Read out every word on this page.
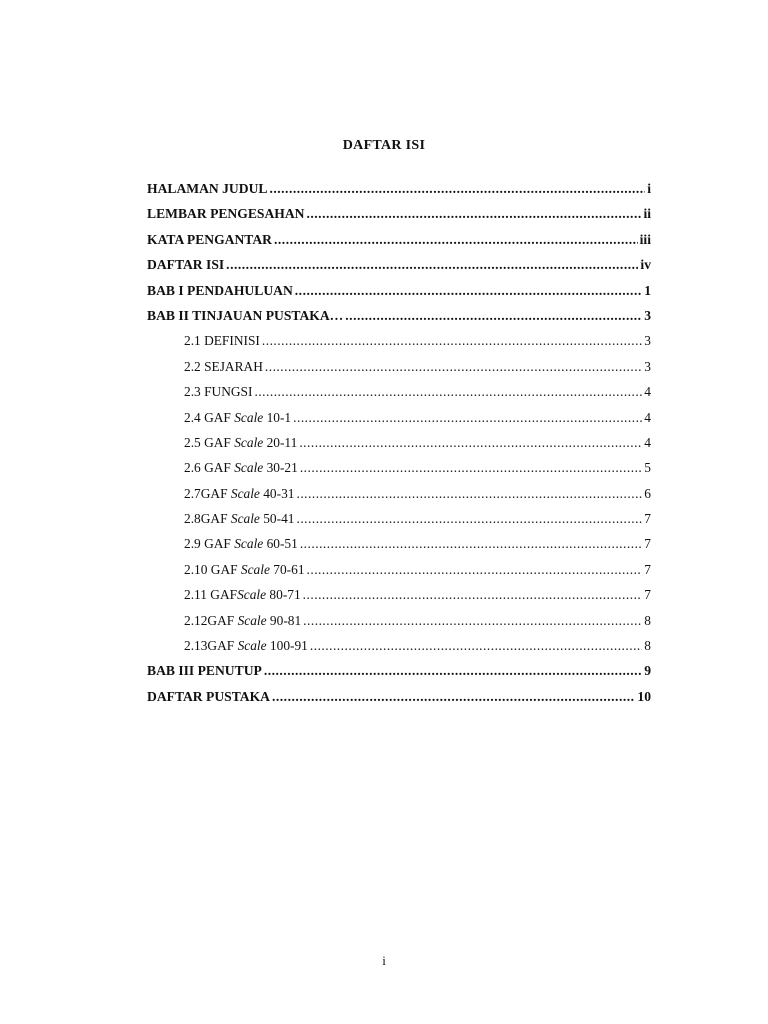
DAFTAR ISI
HALAMAN JUDUL .....	i
LEMBAR PENGESAHAN .....	ii
KATA PENGANTAR .....	iii
DAFTAR ISI .....	iv
BAB I PENDAHULUAN .....	1
BAB II TINJAUAN PUSTAKA… .....	3
2.1 DEFINISI .....	3
2.2 SEJARAH .....	3
2.3 FUNGSI .....	4
2.4 GAF Scale 10-1 .....	4
2.5 GAF Scale 20-11 .....	4
2.6 GAF Scale 30-21 .....	5
2.7GAF Scale 40-31 .....	6
2.8GAF Scale 50-41 .....	7
2.9 GAF Scale 60-51 .....	7
2.10 GAF Scale 70-61 .....	7
2.11 GAFScale 80-71 .....	7
2.12GAF Scale 90-81 .....	8
2.13GAF Scale 100-91 .....	8
BAB III PENUTUP .....	9
DAFTAR PUSTAKA .....	10
i
